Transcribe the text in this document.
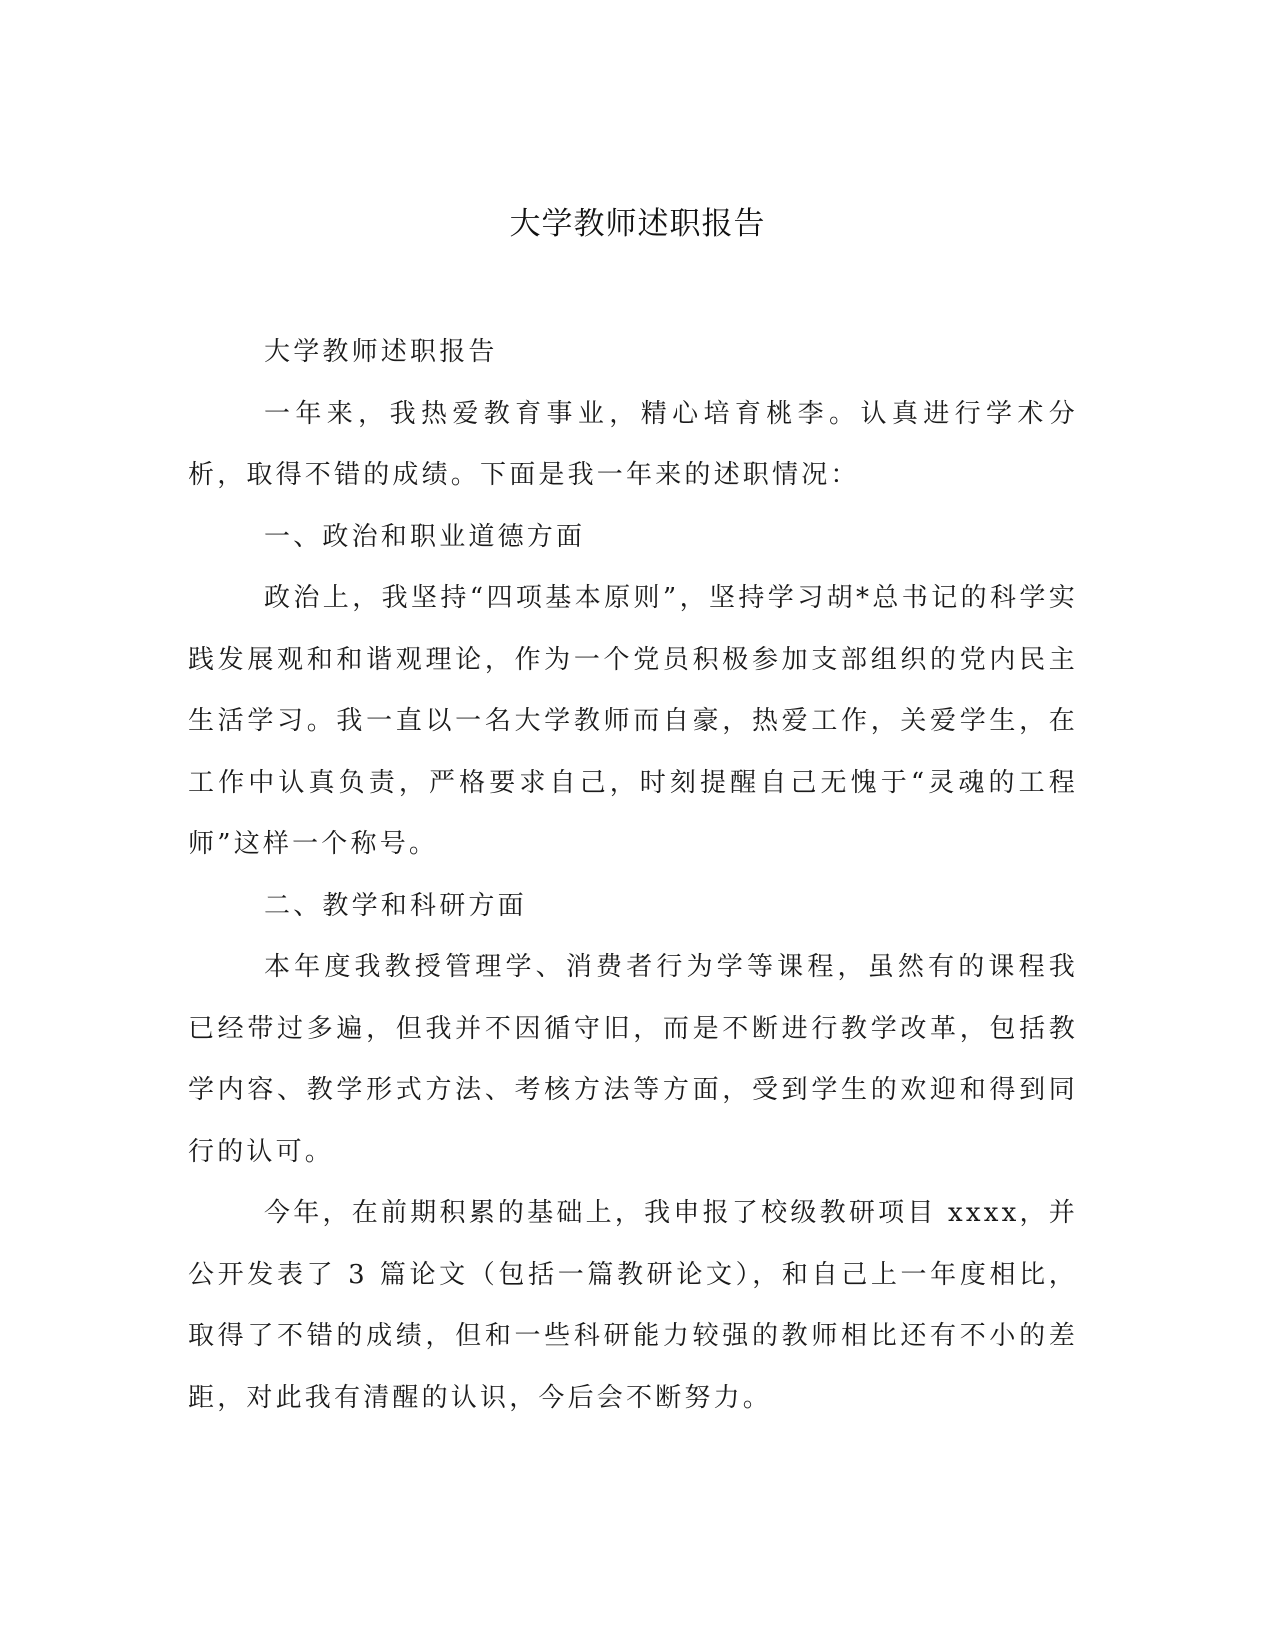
大学教师述职报告

大学教师述职报告

一年来，我热爱教育事业，精心培育桃李。认真进行学术分析，取得不错的成绩。下面是我一年来的述职情况：

一、政治和职业道德方面

政治上，我坚持“四项基本原则”，坚持学习胡*总书记的科学实践发展观和和谐观理论，作为一个党员积极参加支部组织的党内民主生活学习。我一直以一名大学教师而自豪，热爱工作，关爱学生，在工作中认真负责，严格要求自己，时刻提醒自己无愧于“灵魂的工程师”这样一个称号。

二、教学和科研方面

本年度我教授管理学、消费者行为学等课程，虽然有的课程我已经带过多遍，但我并不因循守旧，而是不断进行教学改革，包括教学内容、教学形式方法、考核方法等方面，受到学生的欢迎和得到同行的认可。

今年，在前期积累的基础上，我申报了校级教研项目 xxxx，并公开发表了 3 篇论文（包括一篇教研论文），和自己上一年度相比，取得了不错的成绩，但和一些科研能力较强的教师相比还有不小的差距，对此我有清醒的认识，今后会不断努力。
